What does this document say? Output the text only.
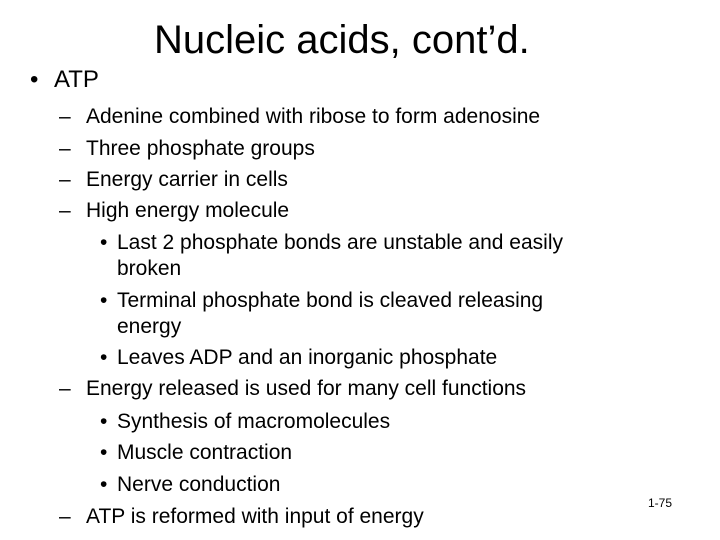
Nucleic acids, cont’d.
• ATP
– Adenine combined with ribose to form adenosine
– Three phosphate groups
– Energy carrier in cells
– High energy molecule
• Last 2 phosphate bonds are unstable and easily
broken
• Terminal phosphate bond is cleaved releasing
energy
• Leaves ADP and an inorganic phosphate
– Energy released is used for many cell functions
• Synthesis of macromolecules
• Muscle contraction
• Nerve conduction
– ATP is reformed with input of energy
1-75
